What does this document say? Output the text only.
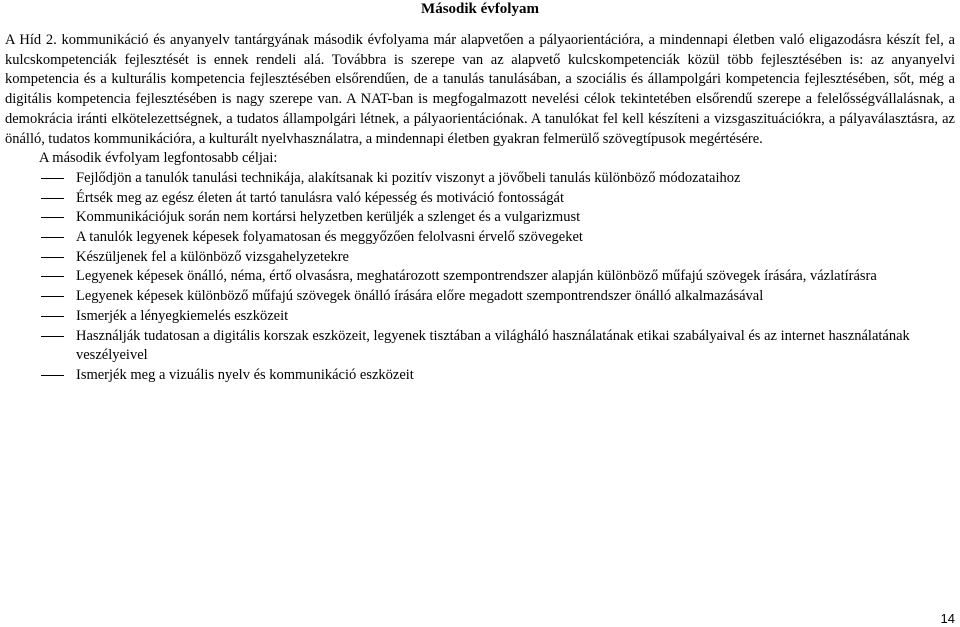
Második évfolyam

A Híd 2. kommunikáció és anyanyelv tantárgyának második évfolyama már alapvetően a pályaorientációra, a mindennapi életben való eligazodásra készít fel, a kulcskompetenciák fejlesztését is ennek rendeli alá. Továbbra is szerepe van az alapvető kulcskompetenciák közül több fejlesztésében is: az anyanyelvi kompetencia és a kulturális kompetencia fejlesztésében elsőrendűen, de a tanulás tanulásában, a szociális és állampolgári kompetencia fejlesztésében, sőt, még a digitális kompetencia fejlesztésében is nagy szerepe van. A NAT-ban is megfogalmazott nevelési célok tekintetében elsőrendű szerepe a felelősségvállalásnak, a demokrácia iránti elkötelezettségnek, a tudatos állampolgári létnek, a pályaorientációnak. A tanulókat fel kell készíteni a vizsgaszituációkra, a pályaválasztásra, az önálló, tudatos kommunikációra, a kulturált nyelvhasználatra, a mindennapi életben gyakran felmerülő szövegtípusok megértésére.

A második évfolyam legfontosabb céljai:
Fejlődjön a tanulók tanulási technikája, alakítsanak ki pozitív viszonyt a jövőbeli tanulás különböző módozataihoz
Értsék meg az egész életen át tartó tanulásra való képesség és motiváció fontosságát
Kommunikációjuk során nem kortársi helyzetben kerüljék a szlenget és a vulgarizmust
A tanulók legyenek képesek folyamatosan és meggyőzően felolvasni érvelő szövegeket
Készüljenek fel a különböző vizsgahelyzetekre
Legyenek képesek önálló, néma, értő olvasásra, meghatározott szempontrendszer alapján különböző műfajú szövegek írására, vázlatírásra
Legyenek képesek különböző műfajú szövegek önálló írására előre megadott szempontrendszer önálló alkalmazásával
Ismerjék a lényegkiemelés eszközeit
Használják tudatosan a digitális korszak eszközeit, legyenek tisztában a világháló használatának etikai szabályaival és az internet használatának veszélyeivel
Ismerjék meg a vizuális nyelv és kommunikáció eszközeit
14
